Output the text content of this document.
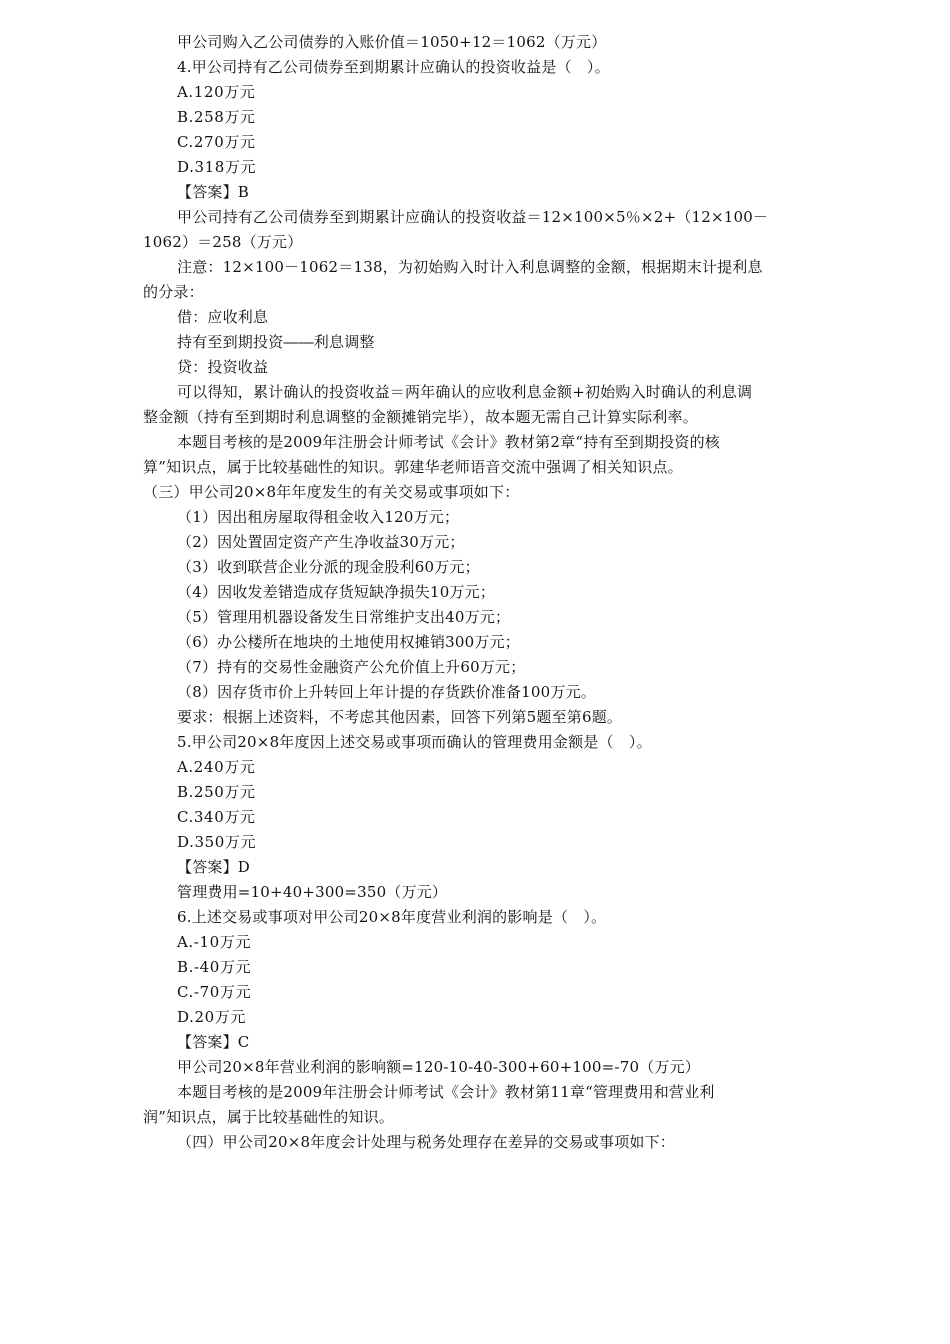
甲公司购入乙公司债券的入账价值＝1050+12＝1062（万元）
4.甲公司持有乙公司债券至到期累计应确认的投资收益是（　）。
A.120万元
B.258万元
C.270万元
D.318万元
【答案】B
甲公司持有乙公司债券至到期累计应确认的投资收益＝12×100×5％×2+（12×100－
1062）＝258（万元）
注意：12×100－1062＝138，为初始购入时计入利息调整的金额，根据期末计提利息
的分录：
借：应收利息
持有至到期投资――利息调整
贷：投资收益
可以得知，累计确认的投资收益＝两年确认的应收利息金额+初始购入时确认的利息调
整金额（持有至到期时利息调整的金额摊销完毕），故本题无需自己计算实际利率。
本题目考核的是2009年注册会计师考试《会计》教材第2章“持有至到期投资的核
算”知识点，属于比较基础性的知识。郭建华老师语音交流中强调了相关知识点。
（三）甲公司20×8年年度发生的有关交易或事项如下：
（1）因出租房屋取得租金收入120万元；
（2）因处置固定资产产生净收益30万元；
（3）收到联营企业分派的现金股利60万元；
（4）因收发差错造成存货短缺净损失10万元；
（5）管理用机器设备发生日常维护支出40万元；
（6）办公楼所在地块的土地使用权摊销300万元；
（7）持有的交易性金融资产公允价值上升60万元；
（8）因存货市价上升转回上年计提的存货跌价准备100万元。
要求：根据上述资料，不考虑其他因素，回答下列第5题至第6题。
5.甲公司20×8年度因上述交易或事项而确认的管理费用金额是（　）。
A.240万元
B.250万元
C.340万元
D.350万元
【答案】D
管理费用=10+40+300=350（万元）
6.上述交易或事项对甲公司20×8年度营业利润的影响是（　）。
A.-10万元
B.-40万元
C.-70万元
D.20万元
【答案】C
甲公司20×8年营业利润的影响额=120-10-40-300+60+100=-70（万元）
本题目考核的是2009年注册会计师考试《会计》教材第11章“管理费用和营业利
润”知识点，属于比较基础性的知识。
（四）甲公司20×8年度会计处理与税务处理存在差异的交易或事项如下：
